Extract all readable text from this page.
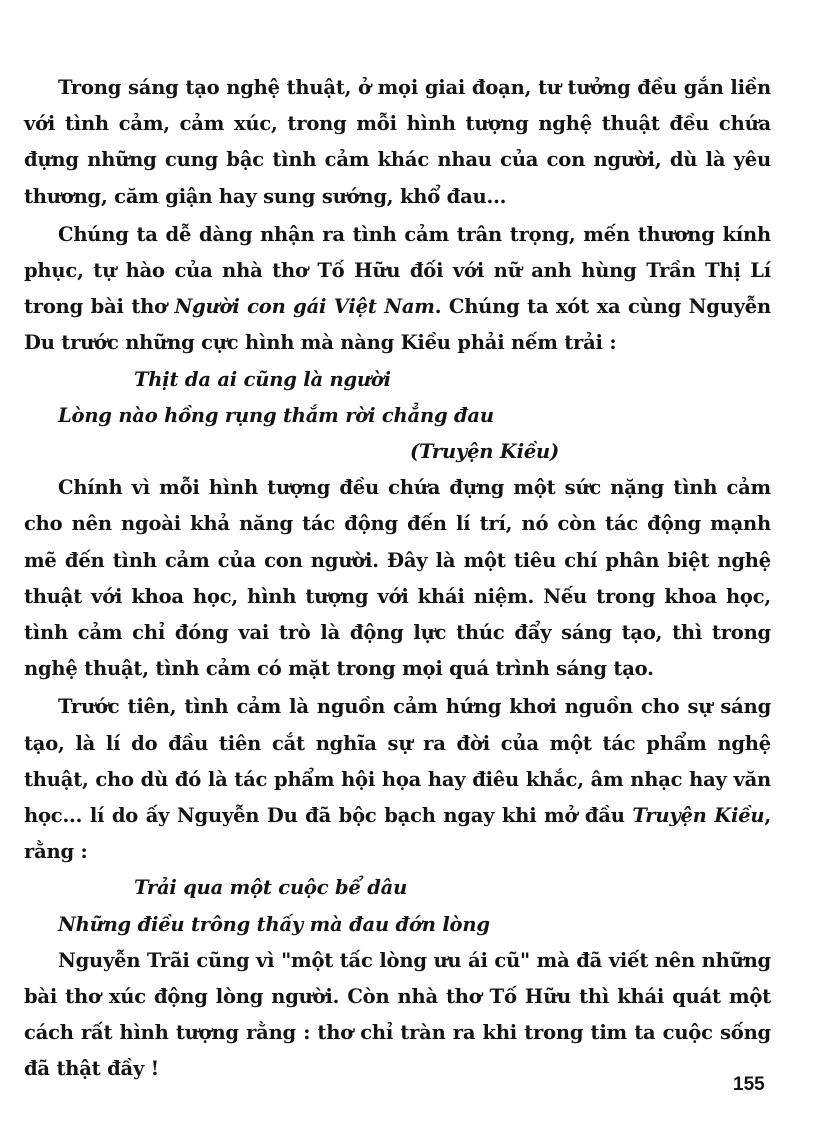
Trong sáng tạo nghệ thuật, ở mọi giai đoạn, tư tưởng đều gắn liền với tình cảm, cảm xúc, trong mỗi hình tượng nghệ thuật đều chứa đựng những cung bậc tình cảm khác nhau của con người, dù là yêu thương, căm giận hay sung sướng, khổ đau...

Chúng ta dễ dàng nhận ra tình cảm trân trọng, mến thương kính phục, tự hào của nhà thơ Tố Hữu đối với nữ anh hùng Trần Thị Lí trong bài thơ Người con gái Việt Nam. Chúng ta xót xa cùng Nguyễn Du trước những cực hình mà nàng Kiều phải nếm trải :

Thịt da ai cũng là người

Lòng nào hồng rụng thắm rời chẳng đau

(Truyện Kiều)

Chính vì mỗi hình tượng đều chứa đựng một sức nặng tình cảm cho nên ngoài khả năng tác động đến lí trí, nó còn tác động mạnh mẽ đến tình cảm của con người. Đây là một tiêu chí phân biệt nghệ thuật với khoa học, hình tượng với khái niệm. Nếu trong khoa học, tình cảm chỉ đóng vai trò là động lực thúc đẩy sáng tạo, thì trong nghệ thuật, tình cảm có mặt trong mọi quá trình sáng tạo.

Trước tiên, tình cảm là nguồn cảm hứng khơi nguồn cho sự sáng tạo, là lí do đầu tiên cắt nghĩa sự ra đời của một tác phẩm nghệ thuật, cho dù đó là tác phẩm hội họa hay điêu khắc, âm nhạc hay văn học... lí do ấy Nguyễn Du đã bộc bạch ngay khi mở đầu Truyện Kiều, rằng :

Trải qua một cuộc bể dâu

Những điều trông thấy mà đau đớn lòng

Nguyễn Trãi cũng vì "một tấc lòng ưu ái cũ" mà đã viết nên những bài thơ xúc động lòng người. Còn nhà thơ Tố Hữu thì khái quát một cách rất hình tượng rằng : thơ chỉ tràn ra khi trong tim ta cuộc sống đã thật đầy !

155
